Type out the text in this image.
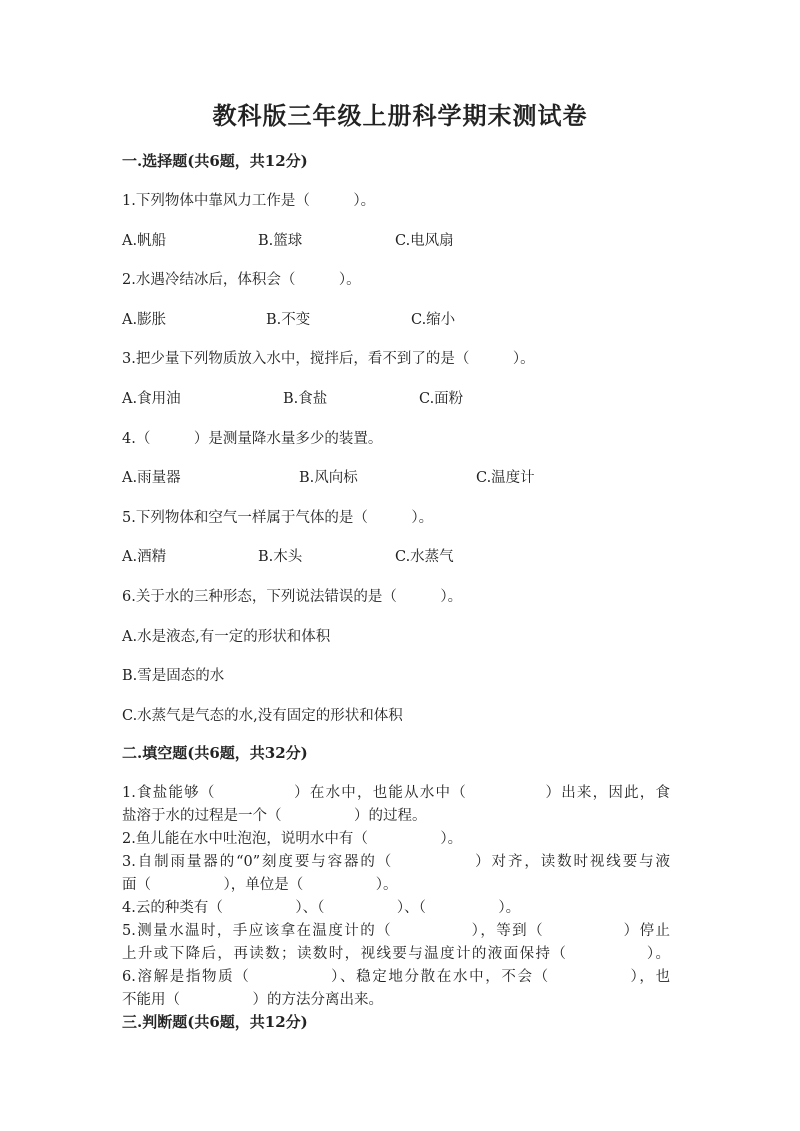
教科版三年级上册科学期末测试卷
一.选择题(共6题，共12分)
1.下列物体中靠风力工作是（　　　）。
A.帆船	B.篮球	C.电风扇
2.水遇冷结冰后，体积会（　　　）。
A.膨胀	B.不变	C.缩小
3.把少量下列物质放入水中，搅拌后，看不到了的是（　　　）。
A.食用油	B.食盐	C.面粉
4.（　　　）是测量降水量多少的装置。
A.雨量器	B.风向标	C.温度计
5.下列物体和空气一样属于气体的是（　　　）。
A.酒精	B.木头	C.水蒸气
6.关于水的三种形态，下列说法错误的是（　　　）。
A.水是液态,有一定的形状和体积
B.雪是固态的水
C.水蒸气是气态的水,没有固定的形状和体积
二.填空题(共6题，共32分)

1.食盐能够（　　　　　）在水中，也能从水中（　　　　　）出来，因此，食

盐溶于水的过程是一个（　　　　　）的过程。

2.鱼儿能在水中吐泡泡，说明水中有（　　　　　）。

3.自制雨量器的“0”刻度要与容器的（　　　　　）对齐，读数时视线要与液

面（　　　　　），单位是（　　　　　）。

4.云的种类有（　　　　　）、（　　　　　）、（　　　　　）。

5.测量水温时，手应该拿在温度计的（　　　　　），等到（　　　　　）停止

上升或下降后，再读数；读数时，视线要与温度计的液面保持（　　　　　）。

6.溶解是指物质（　　　　　）、稳定地分散在水中，不会（　　　　　），也

不能用（　　　　　）的方法分离出来。

三.判断题(共6题，共12分)
